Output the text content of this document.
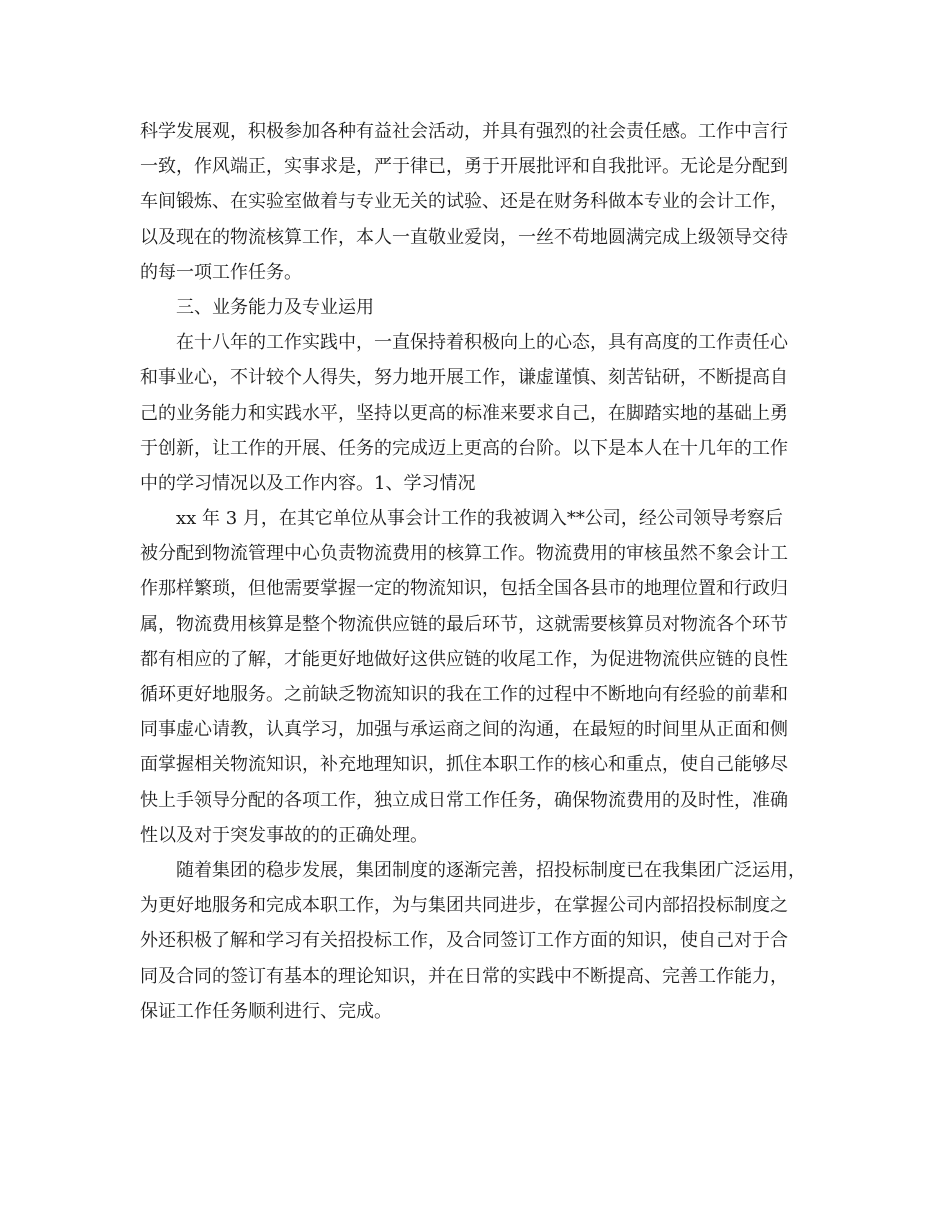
科学发展观，积极参加各种有益社会活动，并具有强烈的社会责任感。工作中言行
一致，作风端正，实事求是，严于律已，勇于开展批评和自我批评。无论是分配到
车间锻炼、在实验室做着与专业无关的试验、还是在财务科做本专业的会计工作，
以及现在的物流核算工作，本人一直敬业爱岗，一丝不苟地圆满完成上级领导交待
的每一项工作任务。
三、业务能力及专业运用
在十八年的工作实践中，一直保持着积极向上的心态，具有高度的工作责任心
和事业心，不计较个人得失，努力地开展工作，谦虚谨慎、刻苦钻研，不断提高自
己的业务能力和实践水平，坚持以更高的标准来要求自己，在脚踏实地的基础上勇
于创新，让工作的开展、任务的完成迈上更高的台阶。以下是本人在十几年的工作
中的学习情况以及工作内容。1、学习情况
xx 年 3 月，在其它单位从事会计工作的我被调入**公司，经公司领导考察后
被分配到物流管理中心负责物流费用的核算工作。物流费用的审核虽然不象会计工
作那样繁琐，但他需要掌握一定的物流知识，包括全国各县市的地理位置和行政归
属，物流费用核算是整个物流供应链的最后环节，这就需要核算员对物流各个环节
都有相应的了解，才能更好地做好这供应链的收尾工作，为促进物流供应链的良性
循环更好地服务。之前缺乏物流知识的我在工作的过程中不断地向有经验的前辈和
同事虚心请教，认真学习，加强与承运商之间的沟通，在最短的时间里从正面和侧
面掌握相关物流知识，补充地理知识，抓住本职工作的核心和重点，使自己能够尽
快上手领导分配的各项工作，独立成日常工作任务，确保物流费用的及时性，准确
性以及对于突发事故的的正确处理。
随着集团的稳步发展，集团制度的逐渐完善，招投标制度已在我集团广泛运用，
为更好地服务和完成本职工作，为与集团共同进步，在掌握公司内部招投标制度之
外还积极了解和学习有关招投标工作，及合同签订工作方面的知识，使自己对于合
同及合同的签订有基本的理论知识，并在日常的实践中不断提高、完善工作能力，
保证工作任务顺利进行、完成。
